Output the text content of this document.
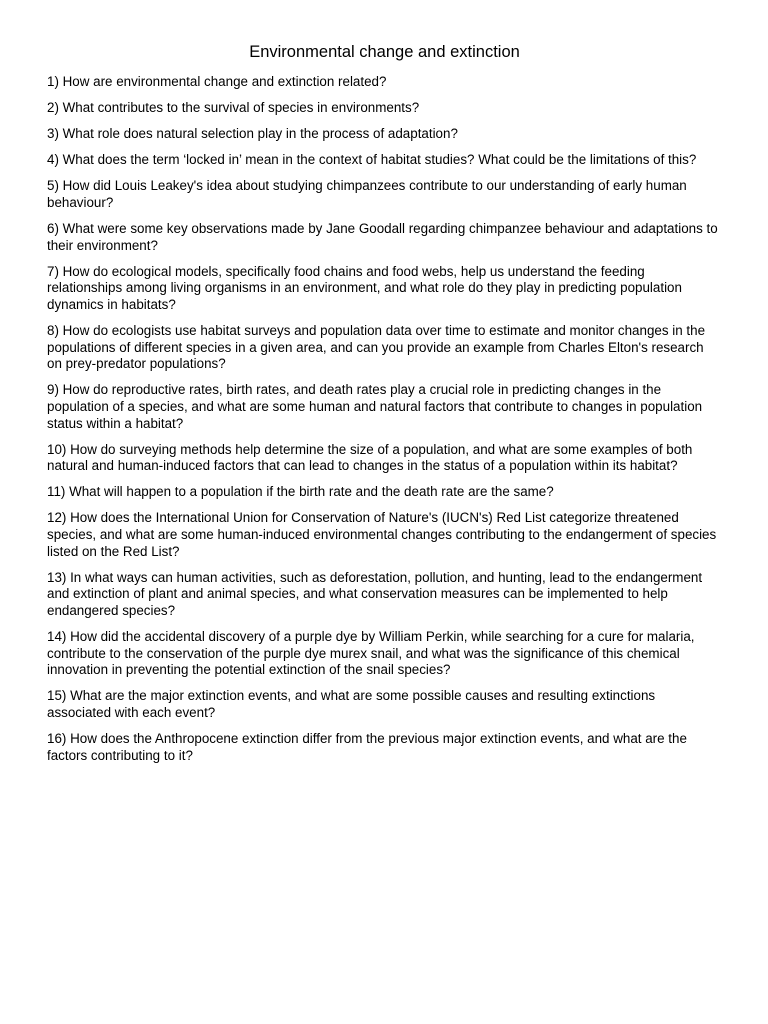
Environmental change and extinction
1) How are environmental change and extinction related?
2) What contributes to the survival of species in environments?
3) What role does natural selection play in the process of adaptation?
4) What does the term ‘locked in’ mean in the context of habitat studies? What could be the limitations of this?
5) How did Louis Leakey's idea about studying chimpanzees contribute to our understanding of early human behaviour?
6) What were some key observations made by Jane Goodall regarding chimpanzee behaviour and adaptations to their environment?
7) How do ecological models, specifically food chains and food webs, help us understand the feeding relationships among living organisms in an environment, and what role do they play in predicting population dynamics in habitats?
8) How do ecologists use habitat surveys and population data over time to estimate and monitor changes in the populations of different species in a given area, and can you provide an example from Charles Elton's research on prey-predator populations?
9) How do reproductive rates, birth rates, and death rates play a crucial role in predicting changes in the population of a species, and what are some human and natural factors that contribute to changes in population status within a habitat?
10) How do surveying methods help determine the size of a population, and what are some examples of both natural and human-induced factors that can lead to changes in the status of a population within its habitat?
11) What will happen to a population if the birth rate and the death rate are the same?
12) How does the International Union for Conservation of Nature's (IUCN's) Red List categorize threatened species, and what are some human-induced environmental changes contributing to the endangerment of species listed on the Red List?
13) In what ways can human activities, such as deforestation, pollution, and hunting, lead to the endangerment and extinction of plant and animal species, and what conservation measures can be implemented to help endangered species?
14) How did the accidental discovery of a purple dye by William Perkin, while searching for a cure for malaria, contribute to the conservation of the purple dye murex snail, and what was the significance of this chemical innovation in preventing the potential extinction of the snail species?
15) What are the major extinction events, and what are some possible causes and resulting extinctions associated with each event?
16) How does the Anthropocene extinction differ from the previous major extinction events, and what are the factors contributing to it?
